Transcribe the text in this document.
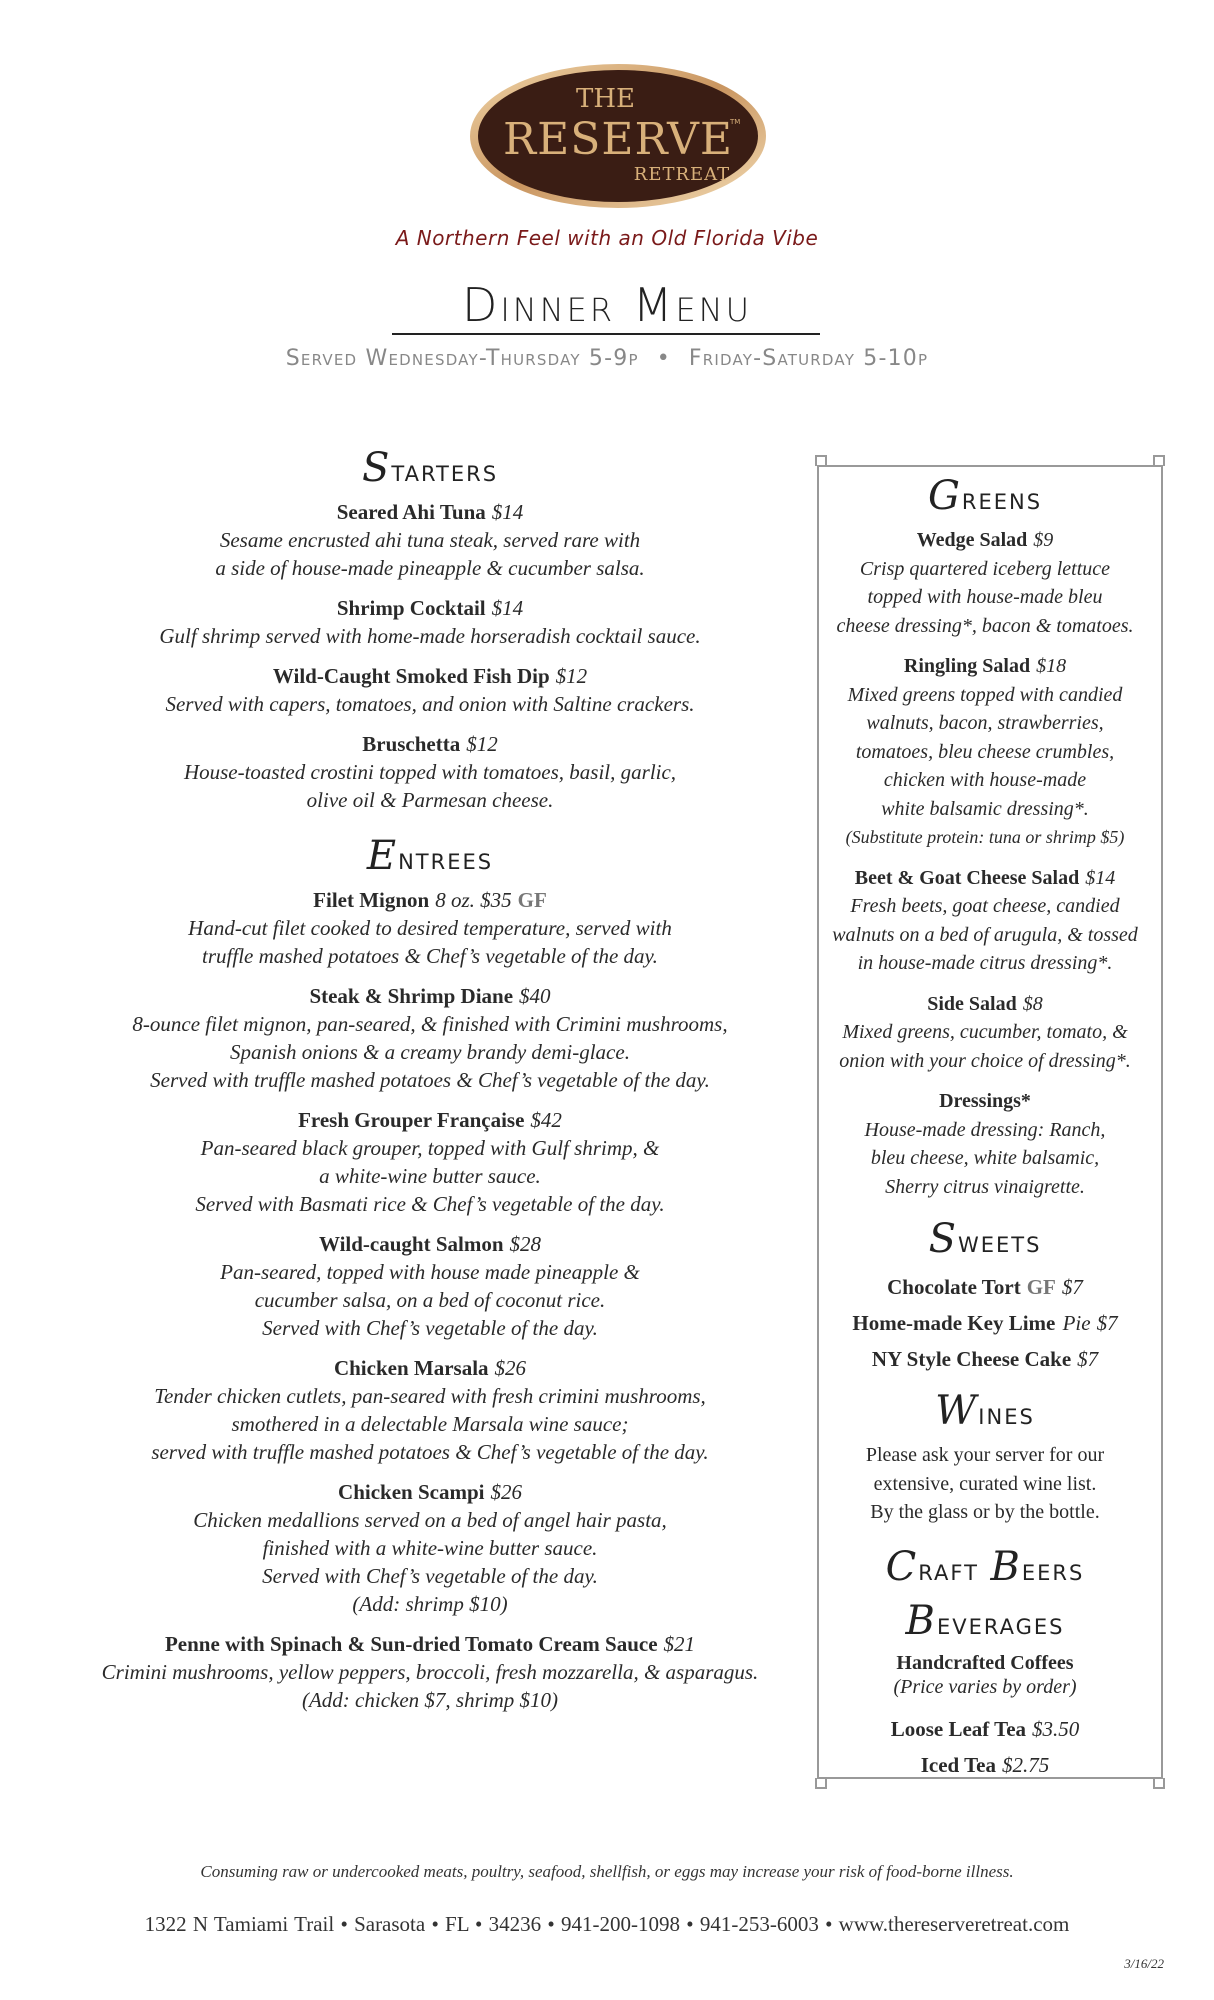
THE
RESERVE
TM
RETREAT
A Northern Feel with an Old Florida Vibe
Dinner Menu
Served Wednesday-Thursday 5-9p • Friday-Saturday 5-10p
Starters
Seared Ahi Tuna $14
Sesame encrusted ahi tuna steak, served rare with
a side of house-made pineapple & cucumber salsa.
Shrimp Cocktail $14
Gulf shrimp served with home-made horseradish cocktail sauce.
Wild-Caught Smoked Fish Dip $12
Served with capers, tomatoes, and onion with Saltine crackers.
Bruschetta $12
House-toasted crostini topped with tomatoes, basil, garlic,
olive oil & Parmesan cheese.
Entrees
Filet Mignon 8 oz. $35 GF
Hand-cut filet cooked to desired temperature, served with
truffle mashed potatoes & Chef’s vegetable of the day.
Steak & Shrimp Diane $40
8-ounce filet mignon, pan-seared, & finished with Crimini mushrooms,
Spanish onions & a creamy brandy demi-glace.
Served with truffle mashed potatoes & Chef’s vegetable of the day.
Fresh Grouper Française $42
Pan-seared black grouper, topped with Gulf shrimp, &
a white-wine butter sauce.
Served with Basmati rice & Chef’s vegetable of the day.
Wild-caught Salmon $28
Pan-seared, topped with house made pineapple &
cucumber salsa, on a bed of coconut rice.
Served with Chef’s vegetable of the day.
Chicken Marsala $26
Tender chicken cutlets, pan-seared with fresh crimini mushrooms,
smothered in a delectable Marsala wine sauce;
served with truffle mashed potatoes & Chef’s vegetable of the day.
Chicken Scampi $26
Chicken medallions served on a bed of angel hair pasta,
finished with a white-wine butter sauce.
Served with Chef’s vegetable of the day.
(Add: shrimp $10)
Penne with Spinach & Sun-dried Tomato Cream Sauce $21
Crimini mushrooms, yellow peppers, broccoli, fresh mozzarella, & asparagus.
(Add: chicken $7, shrimp $10)
Greens
Wedge Salad $9
Crisp quartered iceberg lettuce
topped with house-made bleu
cheese dressing*, bacon & tomatoes.
Ringling Salad $18
Mixed greens topped with candied
walnuts, bacon, strawberries,
tomatoes, bleu cheese crumbles,
chicken with house-made
white balsamic dressing*.
(Substitute protein: tuna or shrimp $5)
Beet & Goat Cheese Salad $14
Fresh beets, goat cheese, candied
walnuts on a bed of arugula, & tossed
in house-made citrus dressing*.
Side Salad $8
Mixed greens, cucumber, tomato, &
onion with your choice of dressing*.
Dressings*
House-made dressing: Ranch,
bleu cheese, white balsamic,
Sherry citrus vinaigrette.
Sweets
Chocolate Tort GF $7
Home-made Key Lime Pie $7
NY Style Cheese Cake $7
Wines
Please ask your server for our
extensive, curated wine list.
By the glass or by the bottle.
Craft Beers
Beverages
Handcrafted Coffees
(Price varies by order)
Loose Leaf Tea $3.50
Iced Tea $2.75
Consuming raw or undercooked meats, poultry, seafood, shellfish, or eggs may increase your risk of food-borne illness.
1322 N Tamiami Trail • Sarasota • FL • 34236 • 941-200-1098 • 941-253-6003 • www.thereserveretreat.com
3/16/22
